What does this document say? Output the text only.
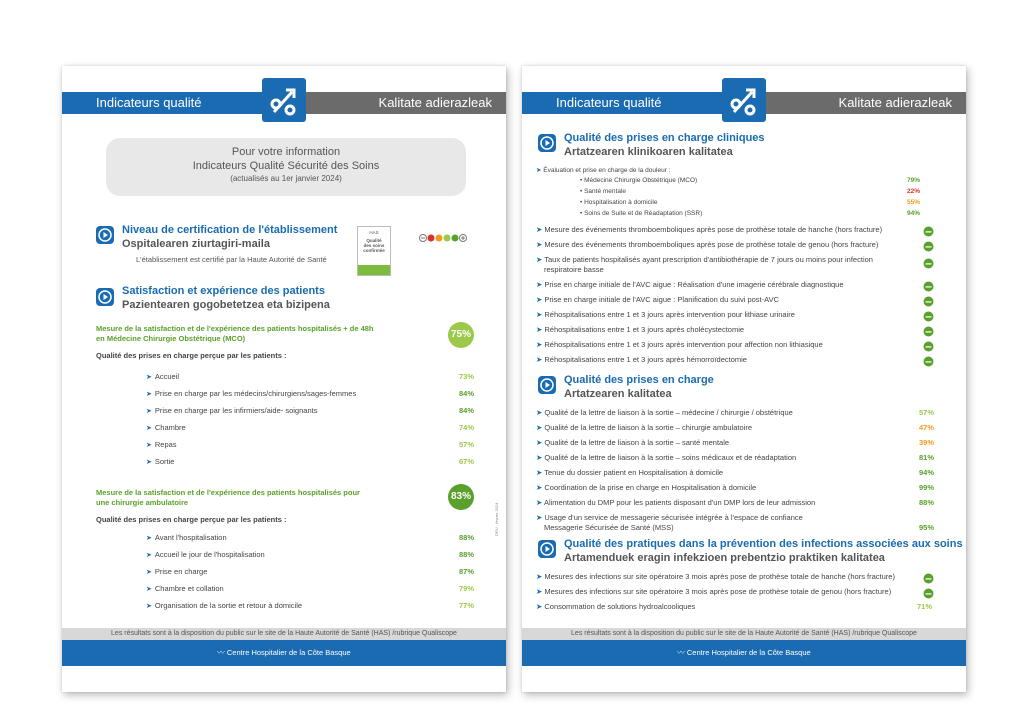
Indicateurs qualité	Kalitate adierazleak
Pour votre information
Indicateurs Qualité Sécurité des Soins
(actualisés au 1er janvier 2024)
Niveau de certification de l'établissement
Ospitalearen ziurtagiri-maila
L'établissement est certifié par la Haute Autorité de Santé
HAS
Qualité
des soins
confirmée
Satisfaction et expérience des patients
Pazientearen gogobetetzea eta bizipena
Mesure de la satisfaction et de l'expérience des patients hospitalisés + de 48h
en Médecine Chirurgie Obstétrique (MCO)	75%
Qualité des prises en charge perçue par les patients :
➤ Accueil	73%
➤ Prise en charge par les médecins/chirurgiens/sages-femmes	84%
➤ Prise en charge par les infirmiers/aide- soignants	84%
➤ Chambre	74%
➤ Repas	57%
➤ Sortie	67%
Mesure de la satisfaction et de l'expérience des patients hospitalisés pour
une chirurgie ambulatoire
83%
Qualité des prises en charge perçue par les patients :
➤ Avant l'hospitalisation	88%
➤ Accueil le jour de l'hospitalisation	88%
➤ Prise en charge	87%
➤ Chambre et collation	79%
➤ Organisation de la sortie et retour à domicile	77%
DRU - février 2024
Les résultats sont à la disposition du public sur le site de la Haute Autorité de Santé (HAS) /rubrique Qualiscope
〰 Centre Hospitalier de la Côte Basque
Indicateurs qualité	Kalitate adierazleak
Qualité des prises en charge cliniques
Artatzearen klinikoaren kalitatea
➤ Évaluation et prise en charge de la douleur :
• Médecine Chirurgie Obstétrique (MCO)	79%
• Santé mentale	22%
• Hospitalisation à domicile	55%
• Soins de Suite et de Réadaptation (SSR)	94%
➤ Mesure des événements thromboemboliques après pose de prothèse totale de hanche (hors fracture)
➤ Mesure des événements thromboemboliques après pose de prothèse totale de genou (hors fracture)
➤ Taux de patients hospitalisés ayant prescription d'antibiothérapie de 7 jours ou moins pour infection
respiratoire basse
➤ Prise en charge initiale de l'AVC aigue : Réalisation d'une imagerie cérébrale diagnostique
➤ Prise en charge initiale de l'AVC aigue : Planification du suivi post-AVC
➤ Réhospitalisations entre 1 et 3 jours après intervention pour lithiase urinaire
➤ Réhospitalisations entre 1 et 3 jours après cholécystectomie
➤ Réhospitalisations entre 1 et 3 jours après intervention pour affection non lithiasique
➤ Réhospitalisations entre 1 et 3 jours après hémorroïdectomie
Qualité des prises en charge
Artatzearen kalitatea
➤ Qualité de la lettre de liaison à la sortie – médecine / chirurgie / obstétrique	57%
➤ Qualité de la lettre de liaison à la sortie – chirurgie ambulatoire	47%
➤ Qualité de la lettre de liaison à la sortie – santé mentale	39%
➤ Qualité de la lettre de liaison à la sortie – soins médicaux et de réadaptation	81%
➤ Tenue du dossier patient en Hospitalisation à domicile	94%
➤ Coordination de la prise en charge en Hospitalisation à domicile	99%
➤ Alimentation du DMP pour les patients disposant d'un DMP lors de leur admission	88%
➤ Usage d'un service de messagerie sécurisée intégrée à l'espace de confiance
Messagerie Sécurisée de Santé (MSS)	95%
Qualité des pratiques dans la prévention des infections associées aux soins
Artamenduek eragin infekzioen prebentzio praktiken kalitatea
➤ Mesures des infections sur site opératoire 3 mois après pose de prothèse totale de hanche (hors fracture)
➤ Mesures des infections sur site opératoire 3 mois après pose de prothèse totale de genou (hors fracture)
➤ Consommation de solutions hydroalcooliques	71%
Les résultats sont à la disposition du public sur le site de la Haute Autorité de Santé (HAS) /rubrique Qualiscope
〰 Centre Hospitalier de la Côte Basque
